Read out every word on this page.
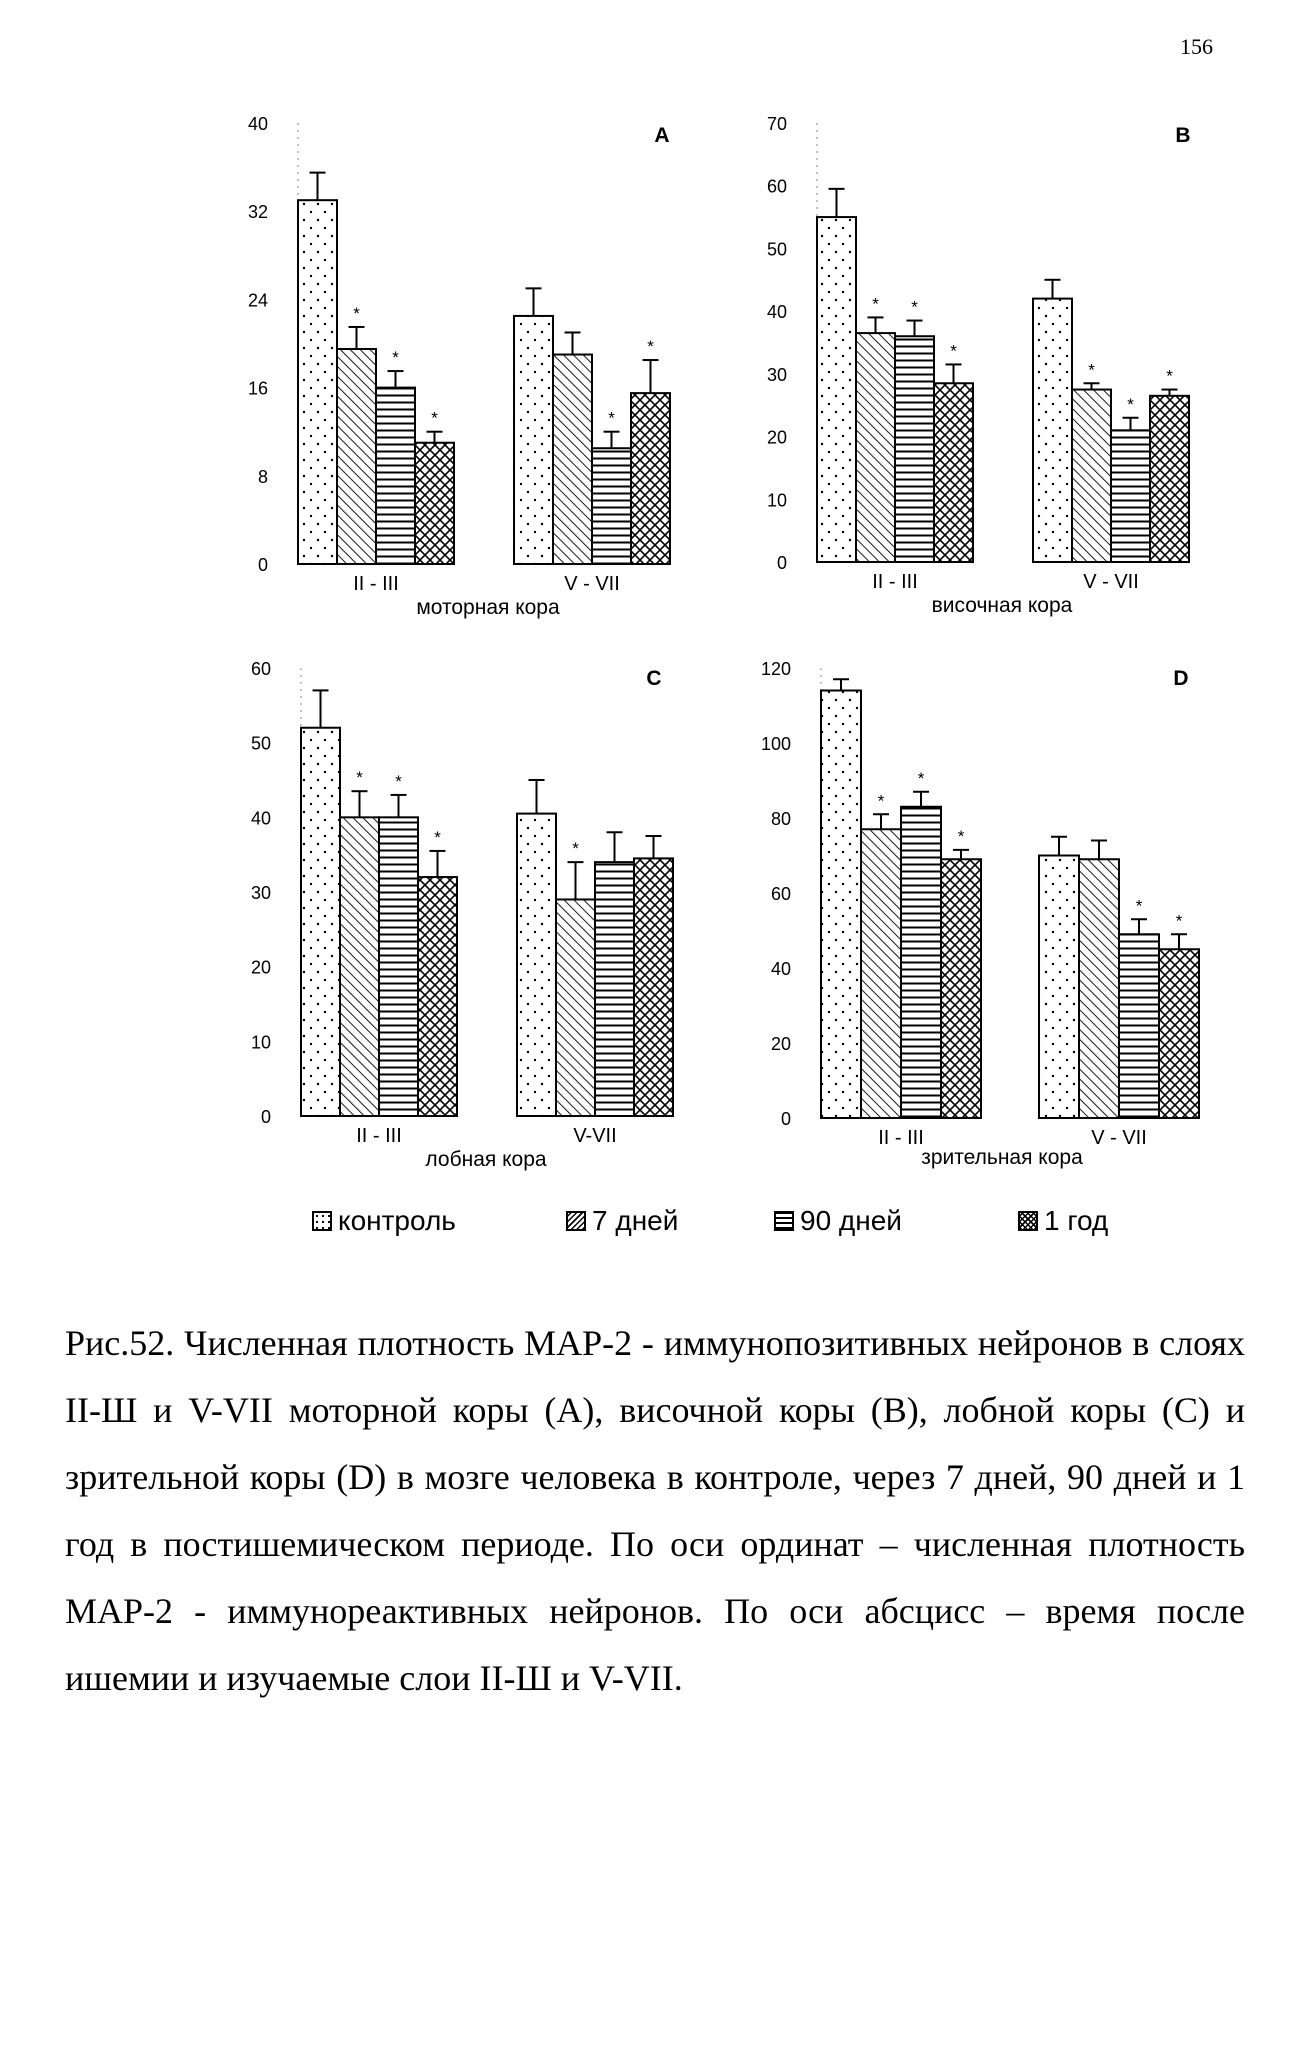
156
0
8
16
24
32
40	A
*
*
*
II - III
*
*
V - VII
моторная кора
0
10
20
30
40
50
60
70	B
* *
*
II - III
*
*
*
V - VII
височная кора
0
10
20
30
40
50
60	C
* *
*
II - III
*
V-VII
лобная кора
0
20
40
60
80
100
120	D
*
*
*
II - III
*
*
V - VII
зрительная кора
контроль	7 дней	90 дней	1 год
Рис.52. Численная плотность МАР-2 - иммунопозитивных нейронов в слоях II-Ш и V-VII моторной коры (А), височной коры (В), лобной коры (С) и зрительной коры (D) в мозге человека в контроле, через 7 дней, 90 дней и 1 год в постишемическом периоде. По оси ординат – численная плотность МАР-2 - иммунореактивных нейронов. По оси абсцисс – время после ишемии и изучаемые слои II-Ш и V-VII.
